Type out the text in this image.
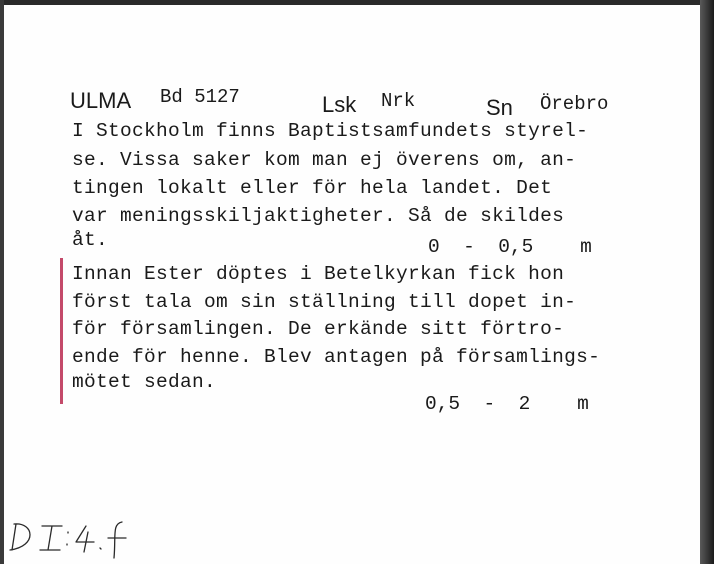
ULMA Bd 5127	Lsk Nrk	Sn Örebro
I Stockholm finns Baptistsamfundets styrel-
se. Vissa saker kom man ej överens om, an-
tingen lokalt eller för hela landet. Det
var meningsskiljaktigheter. Så de skildes
åt.	0  -  0,5    m
Innan Ester döptes i Betelkyrkan fick hon
först tala om sin ställning till dopet in-
för församlingen. De erkände sitt förtro-
ende för henne. Blev antagen på församlings-
mötet sedan.
0,5  -  2    m
